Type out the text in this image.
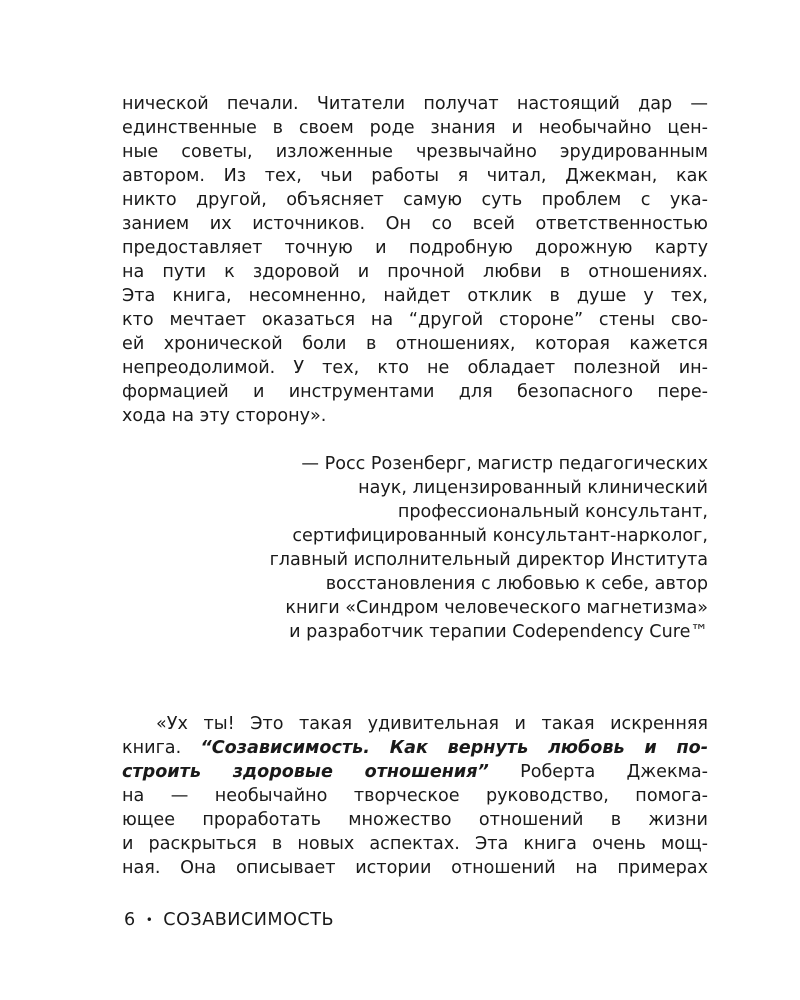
нической печали. Читатели получат настоящий дар —
единственные в своем роде знания и необычайно цен-
ные советы, изложенные чрезвычайно эрудированным
автором. Из тех, чьи работы я читал, Джекман, как
никто другой, объясняет самую суть проблем с ука-
занием их источников. Он со всей ответственностью
предоставляет точную и подробную дорожную карту
на пути к здоровой и прочной любви в отношениях.
Эта книга, несомненно, найдет отклик в душе у тех,
кто мечтает оказаться на “другой стороне” стены сво-
ей хронической боли в отношениях, которая кажется
непреодолимой. У тех, кто не обладает полезной ин-
формацией и инструментами для безопасного пере-
хода на эту сторону».
— Росс Розенберг, магистр педагогических
наук, лицензированный клинический
профессиональный консультант,
сертифицированный консультант-нарколог,
главный исполнительный директор Института
восстановления с любовью к себе, автор
книги «Синдром человеческого магнетизма»
и разработчик терапии Codependency Cure™
«Ух ты! Это такая удивительная и такая искренняя
книга. “Созависимость. Как вернуть любовь и по-
строить здоровые отношения” Роберта Джекма-
на — необычайно творческое руководство, помога-
ющее проработать множество отношений в жизни
и раскрыться в новых аспектах. Эта книга очень мощ-
ная. Она описывает истории отношений на примерах
6 • СОЗАВИСИМОСТЬ
